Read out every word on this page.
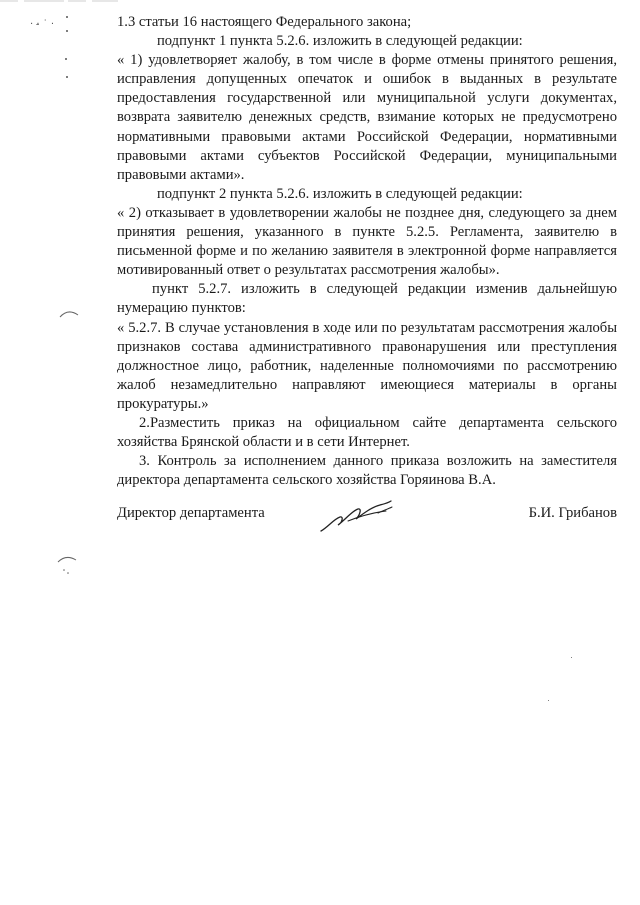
· ·̵ ˙ ·	1.3 статьи 16 настоящего Федерального закона;

подпункт 1 пункта 5.2.6. изложить в следующей редакции:

« 1) удовлетворяет жалобу, в том числе в форме отмены принятого решения, исправления допущенных опечаток и ошибок в выданных в результате предоставления государственной или муниципальной услуги документах, возврата заявителю денежных средств, взимание которых не предусмотрено нормативными правовыми актами Российской Федерации, нормативными правовыми актами субъектов Российской Федерации, муниципальными правовыми актами».

подпункт 2 пункта 5.2.6. изложить в следующей редакции:

« 2) отказывает в удовлетворении жалобы не позднее дня, следующего за днем принятия решения, указанного в пункте 5.2.5. Регламента, заявителю в письменной форме и по желанию заявителя в электронной форме направляется мотивированный ответ о результатах рассмотрения жалобы».

пункт 5.2.7. изложить в следующей редакции изменив дальнейшую нумерацию пунктов:

« 5.2.7. В случае установления в ходе или по результатам рассмотрения жалобы признаков состава административного правонарушения или преступления должностное лицо, работник, наделенные полномочиями по рассмотрению жалоб незамедлительно направляют имеющиеся материалы в органы прокуратуры.»

2.Разместить приказ на официальном сайте департамента сельского хозяйства Брянской области и в сети Интернет.

3. Контроль за исполнением данного приказа возложить на заместителя директора департамента сельского хозяйства Горяинова В.А.

Директор департамента	Б.И. Грибанов
